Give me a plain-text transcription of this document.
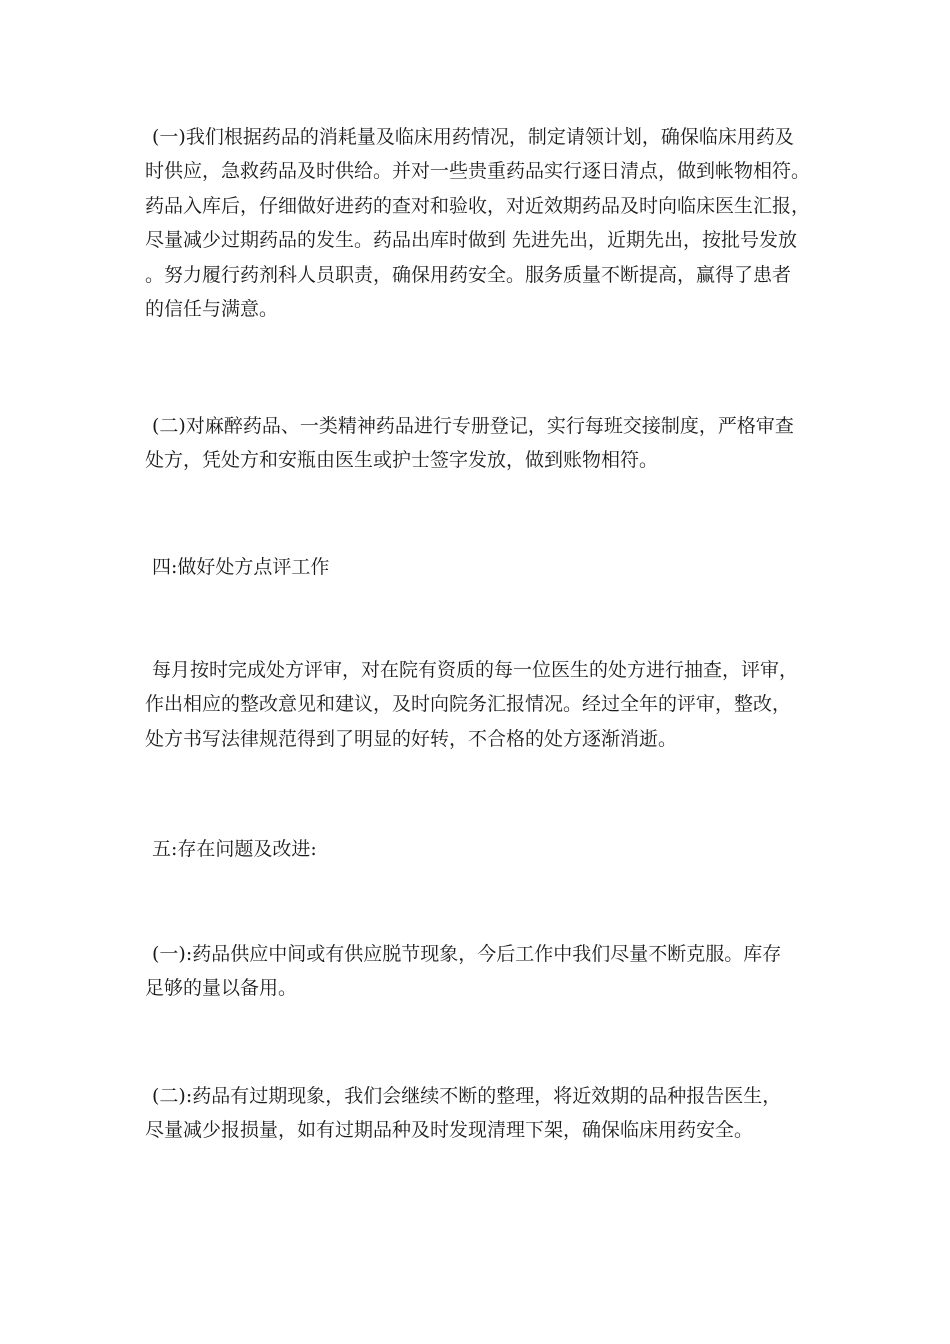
(一)我们根据药品的消耗量及临床用药情况，制定请领计划，确保临床用药及
时供应，急救药品及时供给。并对一些贵重药品实行逐日清点，做到帐物相符。
药品入库后，仔细做好进药的查对和验收，对近效期药品及时向临床医生汇报，
尽量减少过期药品的发生。药品出库时做到 先进先出，近期先出，按批号发放
。努力履行药剂科人员职责，确保用药安全。服务质量不断提高，赢得了患者
的信任与满意。
(二)对麻醉药品、一类精神药品进行专册登记，实行每班交接制度，严格审查
处方，凭处方和安瓶由医生或护士签字发放，做到账物相符。
四:做好处方点评工作
每月按时完成处方评审，对在院有资质的每一位医生的处方进行抽查，评审，
作出相应的整改意见和建议，及时向院务汇报情况。经过全年的评审，整改，
处方书写法律规范得到了明显的好转，不合格的处方逐渐消逝。
五:存在问题及改进:
(一):药品供应中间或有供应脱节现象，今后工作中我们尽量不断克服。库存
足够的量以备用。
(二):药品有过期现象，我们会继续不断的整理，将近效期的品种报告医生，
尽量减少报损量，如有过期品种及时发现清理下架，确保临床用药安全。
